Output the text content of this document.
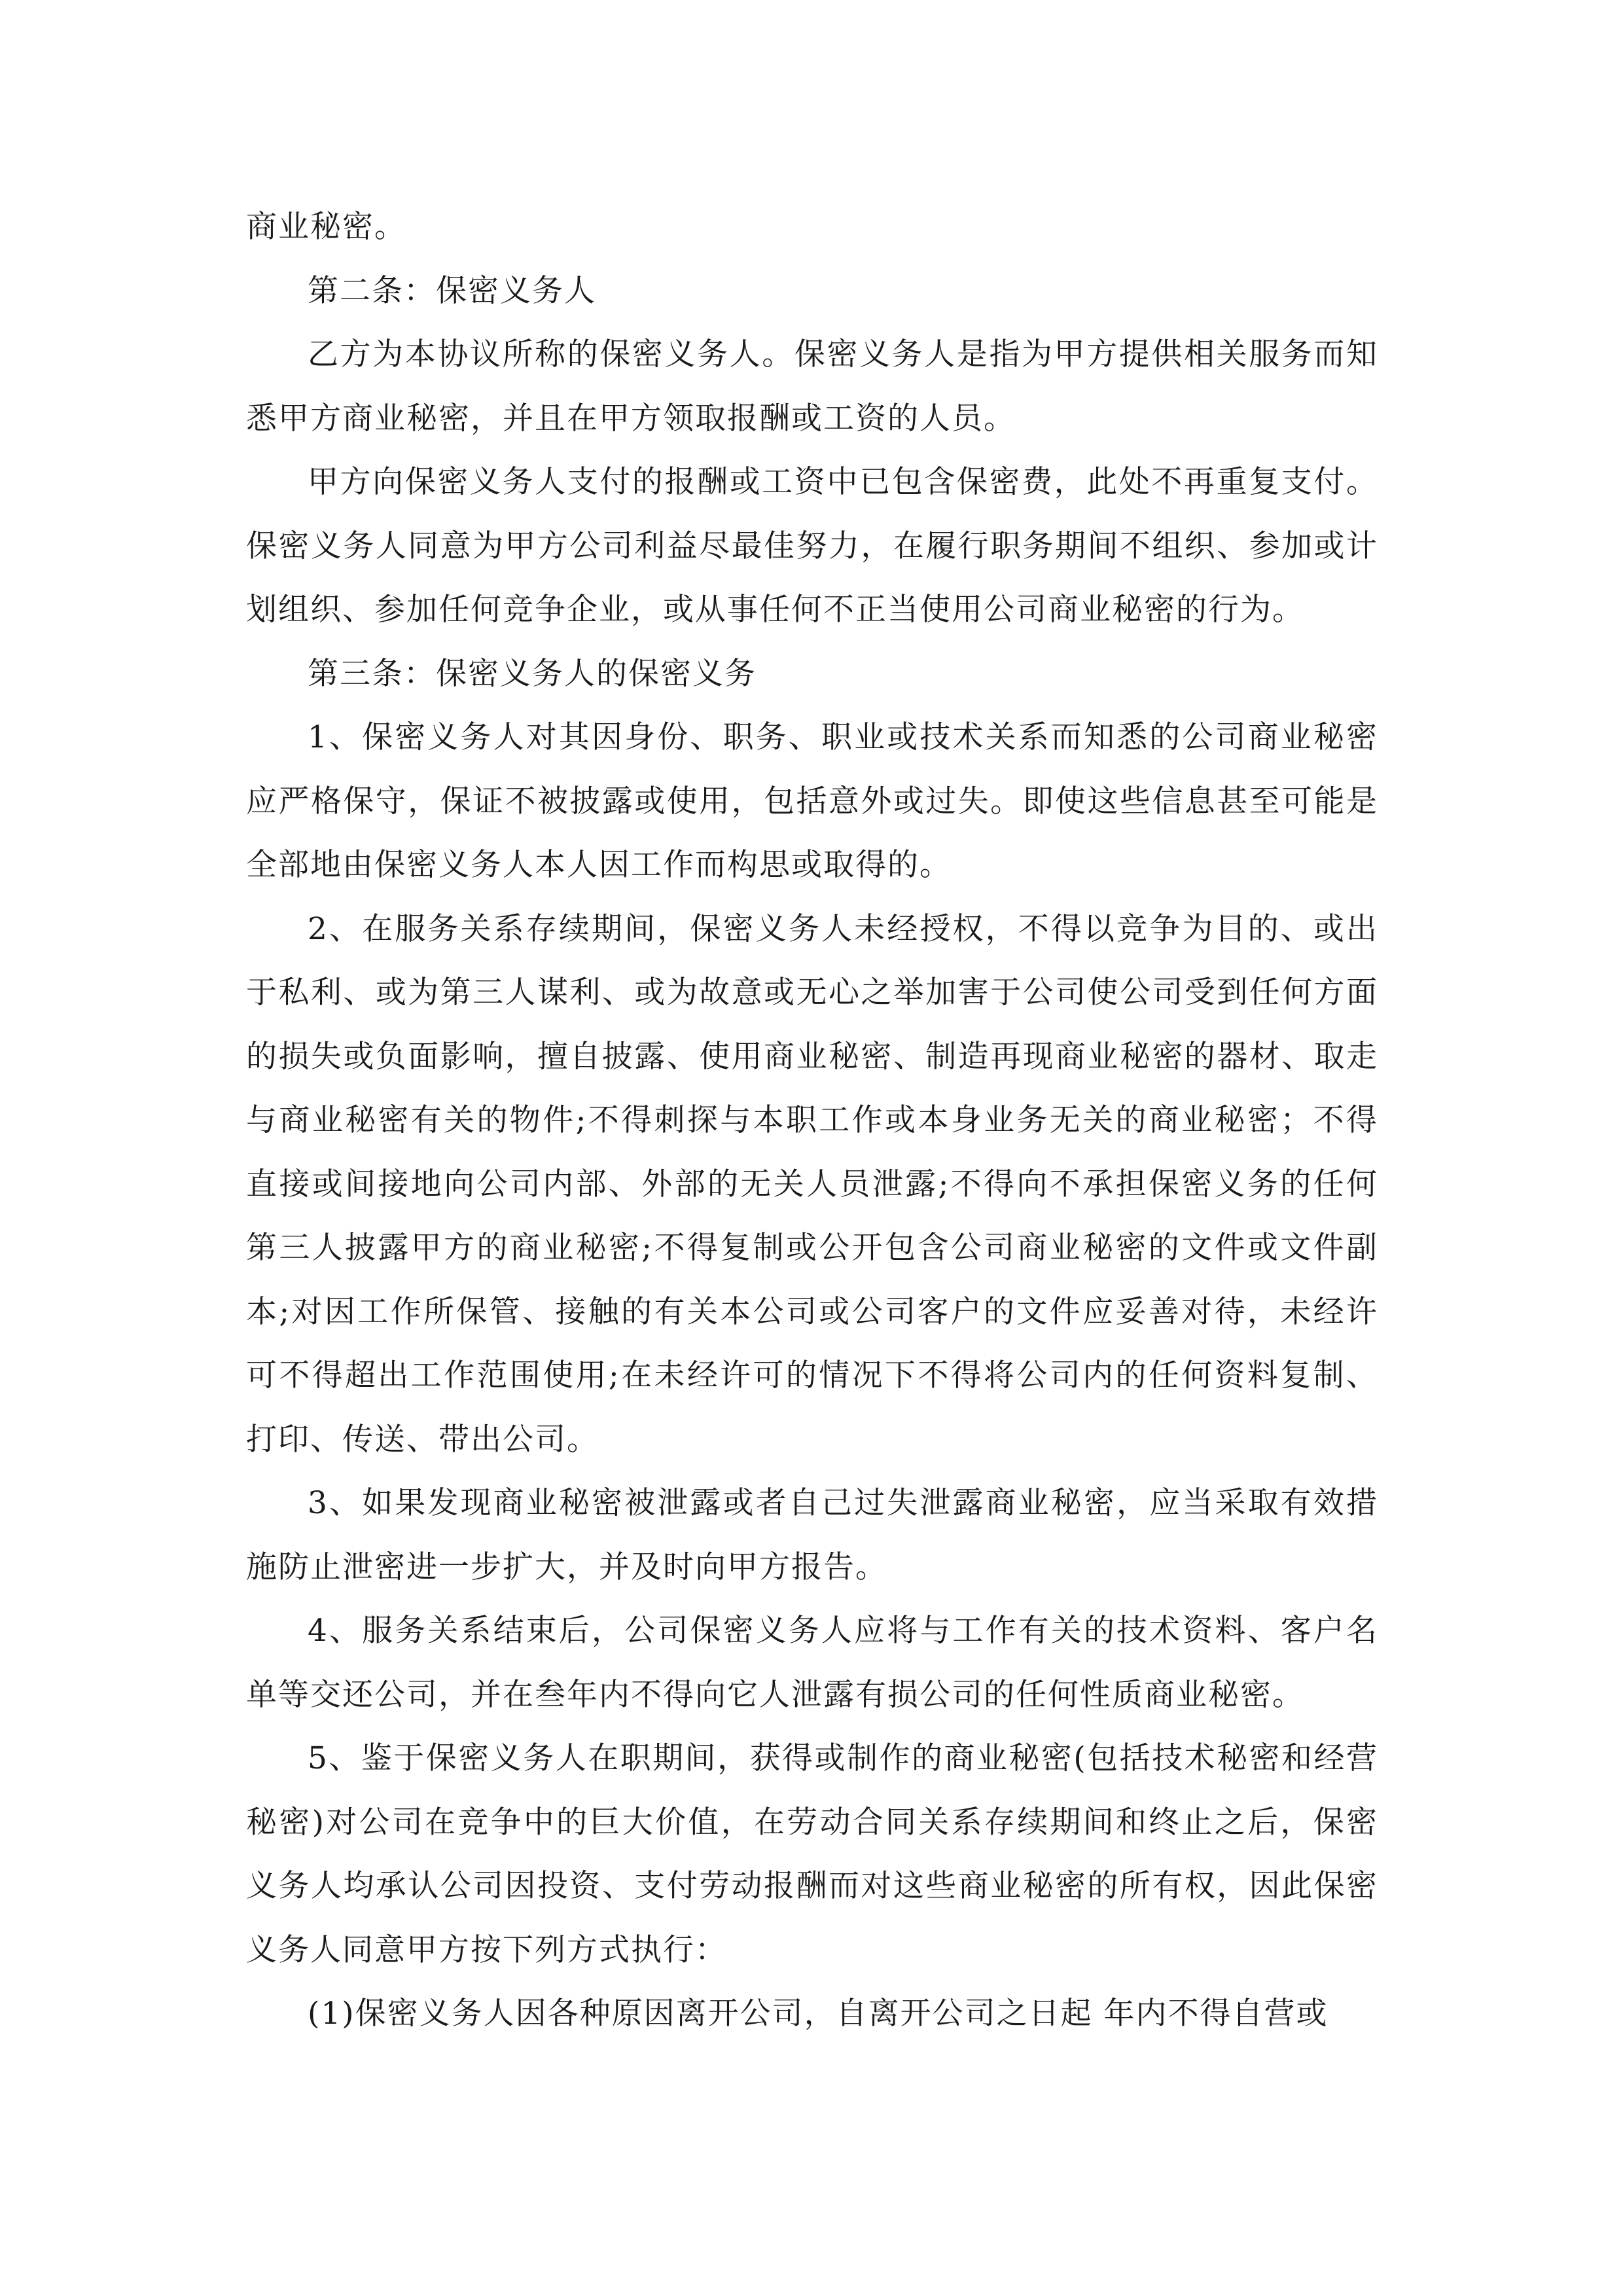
商业秘密。

第二条：保密义务人

乙方为本协议所称的保密义务人。保密义务人是指为甲方提供相关服务而知悉甲方商业秘密，并且在甲方领取报酬或工资的人员。

甲方向保密义务人支付的报酬或工资中已包含保密费，此处不再重复支付。保密义务人同意为甲方公司利益尽最佳努力，在履行职务期间不组织、参加或计划组织、参加任何竞争企业，或从事任何不正当使用公司商业秘密的行为。

第三条：保密义务人的保密义务

1、保密义务人对其因身份、职务、职业或技术关系而知悉的公司商业秘密应严格保守，保证不被披露或使用，包括意外或过失。即使这些信息甚至可能是全部地由保密义务人本人因工作而构思或取得的。

2、在服务关系存续期间，保密义务人未经授权，不得以竞争为目的、或出于私利、或为第三人谋利、或为故意或无心之举加害于公司使公司受到任何方面的损失或负面影响，擅自披露、使用商业秘密、制造再现商业秘密的器材、取走与商业秘密有关的物件;不得刺探与本职工作或本身业务无关的商业秘密；不得直接或间接地向公司内部、外部的无关人员泄露;不得向不承担保密义务的任何第三人披露甲方的商业秘密;不得复制或公开包含公司商业秘密的文件或文件副本;对因工作所保管、接触的有关本公司或公司客户的文件应妥善对待，未经许可不得超出工作范围使用;在未经许可的情况下不得将公司内的任何资料复制、打印、传送、带出公司。

3、如果发现商业秘密被泄露或者自己过失泄露商业秘密，应当采取有效措施防止泄密进一步扩大，并及时向甲方报告。

4、服务关系结束后，公司保密义务人应将与工作有关的技术资料、客户名单等交还公司，并在叁年内不得向它人泄露有损公司的任何性质商业秘密。

5、鉴于保密义务人在职期间，获得或制作的商业秘密(包括技术秘密和经营秘密)对公司在竞争中的巨大价值，在劳动合同关系存续期间和终止之后，保密义务人均承认公司因投资、支付劳动报酬而对这些商业秘密的所有权，因此保密义务人同意甲方按下列方式执行：

(1)保密义务人因各种原因离开公司，自离开公司之日起 年内不得自营或
